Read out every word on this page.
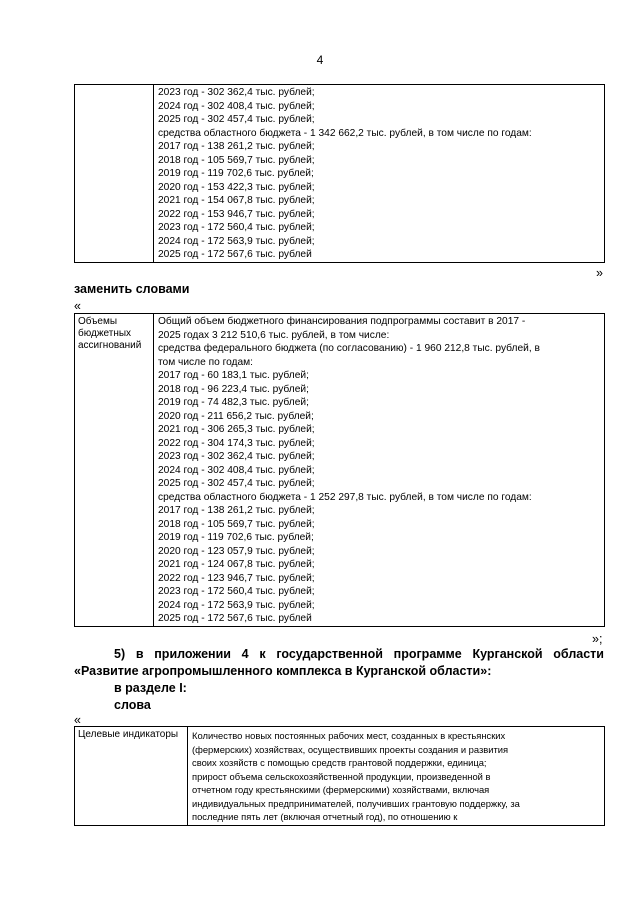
4

2023 год - 302 362,4 тыс. рублей;
2024 год - 302 408,4 тыс. рублей;
2025 год - 302 457,4 тыс. рублей;
средства областного бюджета - 1 342 662,2 тыс. рублей, в том числе по годам:
2017 год - 138 261,2 тыс. рублей;
2018 год - 105 569,7 тыс. рублей;
2019 год - 119 702,6 тыс. рублей;
2020 год - 153 422,3 тыс. рублей;
2021 год - 154 067,8 тыс. рублей;
2022 год - 153 946,7 тыс. рублей;
2023 год - 172 560,4 тыс. рублей;
2024 год - 172 563,9 тыс. рублей;
2025 год - 172 567,6 тыс. рублей
»
заменить словами
«
Объемы бюджетных ассигнований	
Общий объем бюджетного финансирования подпрограммы составит в 2017 -
2025 годах 3 212 510,6 тыс. рублей, в том числе:
средства федерального бюджета (по согласованию) - 1 960 212,8 тыс. рублей, в
том числе по годам:
2017 год - 60 183,1 тыс. рублей;
2018 год - 96 223,4 тыс. рублей;
2019 год - 74 482,3 тыс. рублей;
2020 год - 211 656,2 тыс. рублей;
2021 год - 306 265,3 тыс. рублей;
2022 год - 304 174,3 тыс. рублей;
2023 год - 302 362,4 тыс. рублей;
2024 год - 302 408,4 тыс. рублей;
2025 год - 302 457,4 тыс. рублей;
средства областного бюджета - 1 252 297,8 тыс. рублей, в том числе по годам:
2017 год - 138 261,2 тыс. рублей;
2018 год - 105 569,7 тыс. рублей;
2019 год - 119 702,6 тыс. рублей;
2020 год - 123 057,9 тыс. рублей;
2021 год - 124 067,8 тыс. рублей;
2022 год - 123 946,7 тыс. рублей;
2023 год - 172 560,4 тыс. рублей;
2024 год - 172 563,9 тыс. рублей;
2025 год - 172 567,6 тыс. рублей
»;
5) в приложении 4 к государственной программе Курганской области
«Развитие агропромышленного комплекса в Курганской области»:
в разделе I:
слова
«
Целевые индикаторы	Количество новых постоянных рабочих мест, созданных в крестьянских
(фермерских) хозяйствах, осуществивших проекты создания и развития
своих хозяйств с помощью средств грантовой поддержки, единица;
прирост объема сельскохозяйственной продукции, произведенной в
отчетном году крестьянскими (фермерскими) хозяйствами, включая
индивидуальных предпринимателей, получивших грантовую поддержку, за
последние пять лет (включая отчетный год), по отношению к
